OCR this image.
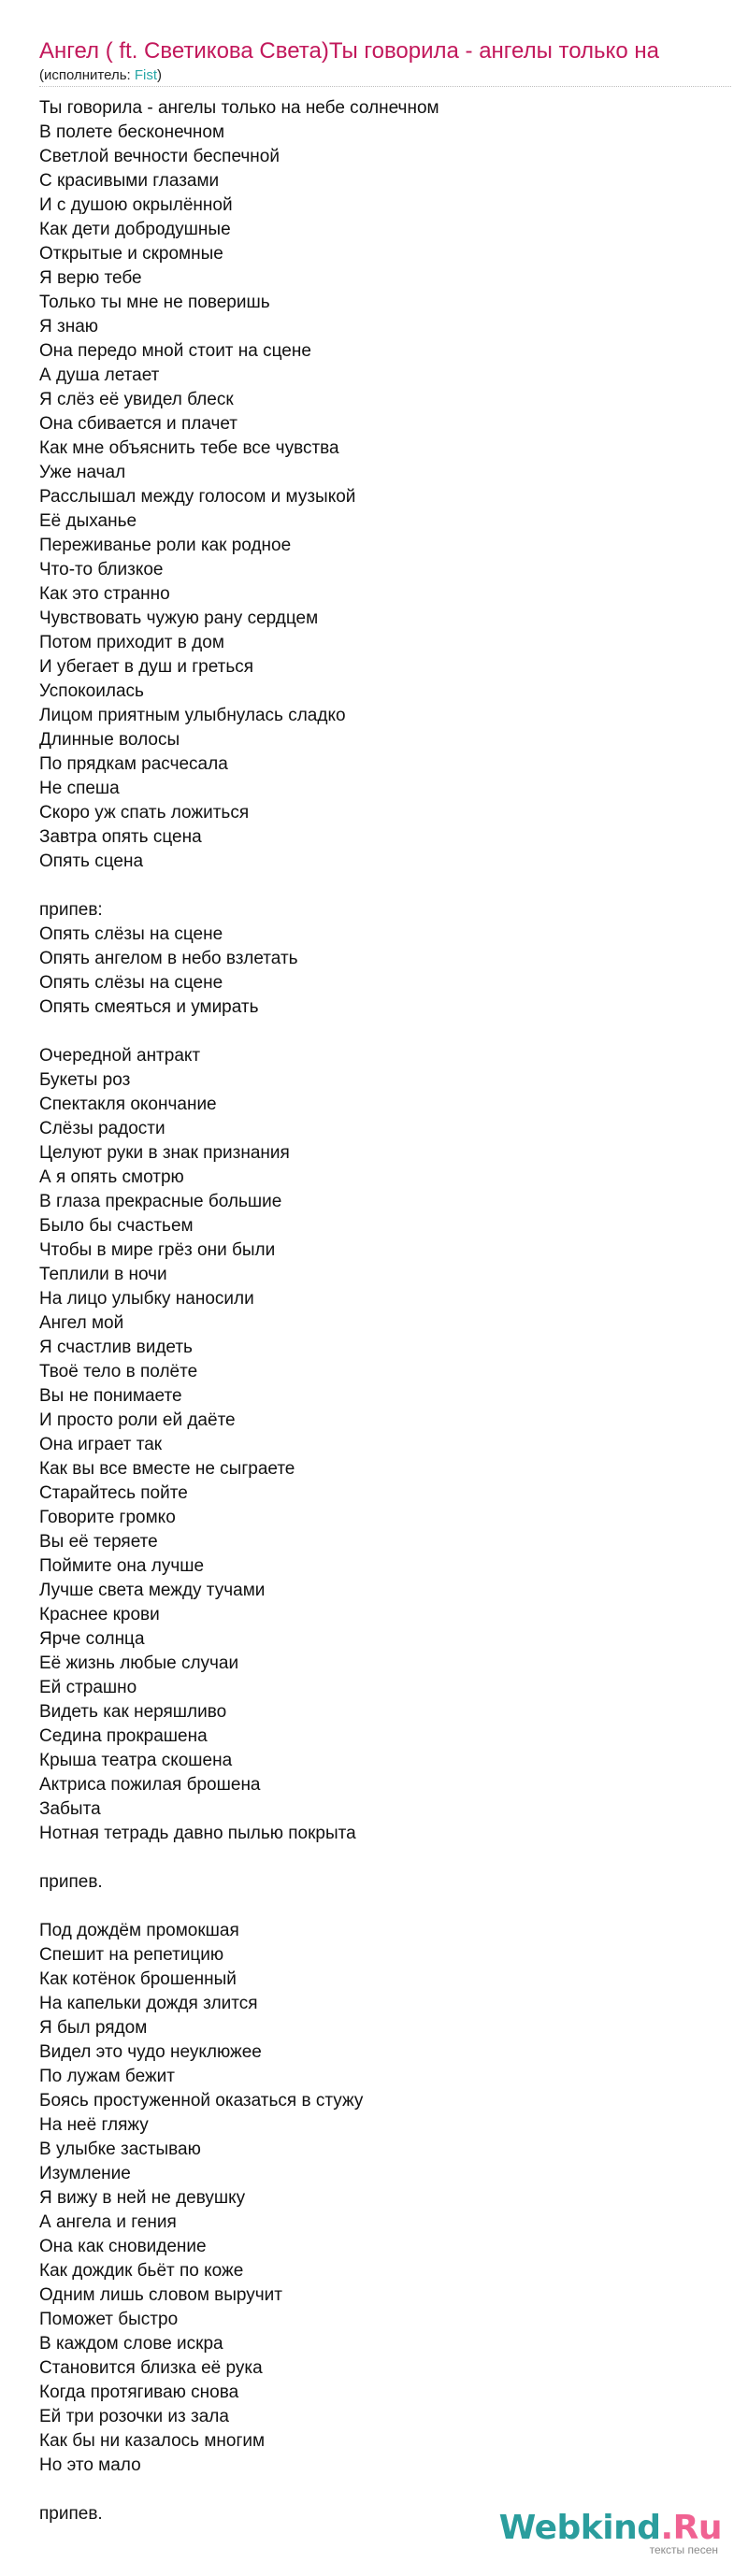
Ангел ( ft. Светикова Света)Ты говорила - ангелы только на
(исполнитель: Fist)
Ты говорила - ангелы только на небе солнечном
В полете бесконечном
Светлой вечности беспечной
С красивыми глазами
И с душою окрылённой
Как дети добродушные
Открытые и скромные
Я верю тебе
Только ты мне не поверишь
Я знаю
Она передо мной стоит на сцене
А душа летает
Я слёз её увидел блеск
Она сбивается и плачет
Как мне объяснить тебе все чувства
Уже начал
Расслышал между голосом и музыкой
Её дыханье
Переживанье роли как родное
Что-то близкое
Как это странно
Чувствовать чужую рану сердцем
Потом приходит в дом
И убегает в душ и греться
Успокоилась
Лицом приятным улыбнулась сладко
Длинные волосы
По прядкам расчесала
Не спеша
Скоро уж спать ложиться
Завтра опять сцена
Опять сцена
припев:
Опять слёзы на сцене
Опять ангелом в небо взлетать
Опять слёзы на сцене
Опять смеяться и умирать
Очередной антракт
Букеты роз
Спектакля окончание
Слёзы радости
Целуют руки в знак признания
А я опять смотрю
В глаза прекрасные большие
Было бы счастьем
Чтобы в мире грёз они были
Теплили в ночи
На лицо улыбку наносили
Ангел мой
Я счастлив видеть
Твоё тело в полёте
Вы не понимаете
И просто роли ей даёте
Она играет так
Как вы все вместе не сыграете
Старайтесь пойте
Говорите громко
Вы её теряете
Поймите она лучше
Лучше света между тучами
Краснее крови
Ярче солнца
Её жизнь любые случаи
Ей страшно
Видеть как неряшливо
Седина прокрашена
Крыша театра скошена
Актриса пожилая брошена
Забыта
Нотная тетрадь давно пылью покрыта
припев.
Под дождём промокшая
Спешит на репетицию
Как котёнок брошенный
На капельки дождя злится
Я был рядом
Видел это чудо неуклюжее
По лужам бежит
Боясь простуженной оказаться в стужу
На неё гляжу
В улыбке застываю
Изумление
Я вижу в ней не девушку
А ангела и гения
Она как сновидение
Как дождик бьёт по коже
Одним лишь словом выручит
Поможет быстро
В каждом слове искра
Становится близка её рука
Когда протягиваю снова
Ей три розочки из зала
Как бы ни казалось многим
Но это мало
припев.	Webkind.Ru
тексты песен
